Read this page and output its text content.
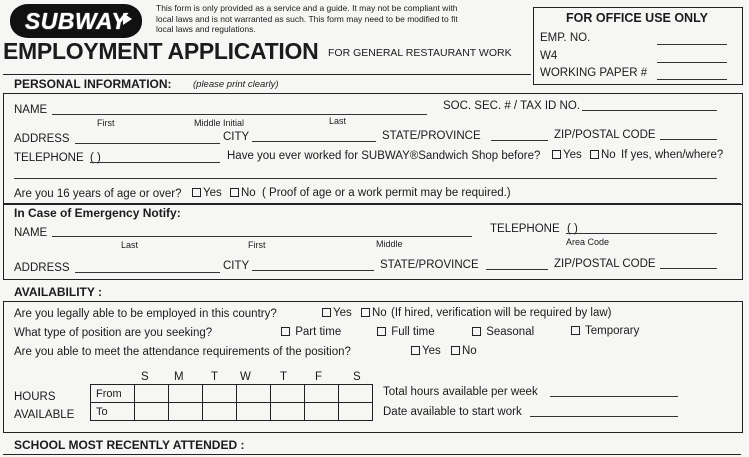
SUBWAY	This form is only provided as a service and a guide. It may not be compliant with
local laws and is not warranted as such. This form may need to be modified to fit
local laws and regulations.
EMPLOYMENT APPLICATION FOR GENERAL RESTAURANT WORK
FOR OFFICE USE ONLY
EMP. NO.
W4
WORKING PAPER #
PERSONAL INFORMATION: (please print clearly)
NAME
First	Middle Initial	Last
SOC. SEC. # / TAX ID NO.
ADDRESS	CITY	STATE/PROVINCE	ZIP/POSTAL CODE
TELEPHONE ( )	Have you ever worked for SUBWAY®Sandwich Shop before?	Yes	No If yes, when/where?
Are you 16 years of age or over?	Yes	No ( Proof of age or a work permit may be required.)
In Case of Emergency Notify:
NAME
Last	First	Middle
TELEPHONE ( )
Area Code
ADDRESS	CITY	STATE/PROVINCE	ZIP/POSTAL CODE
AVAILABILITY :
Are you legally able to be employed in this country?	Yes	No (If hired, verification will be required by law)
What type of position are you seeking?	Part time	Full time	Seasonal	Temporary
Are you able to meet the attendance requirements of the position?	Yes	No
S M T W	T F	S
HOURS
AVAILABLE
From							
To							
Total hours available per week
Date available to start work
SCHOOL MOST RECENTLY ATTENDED :
